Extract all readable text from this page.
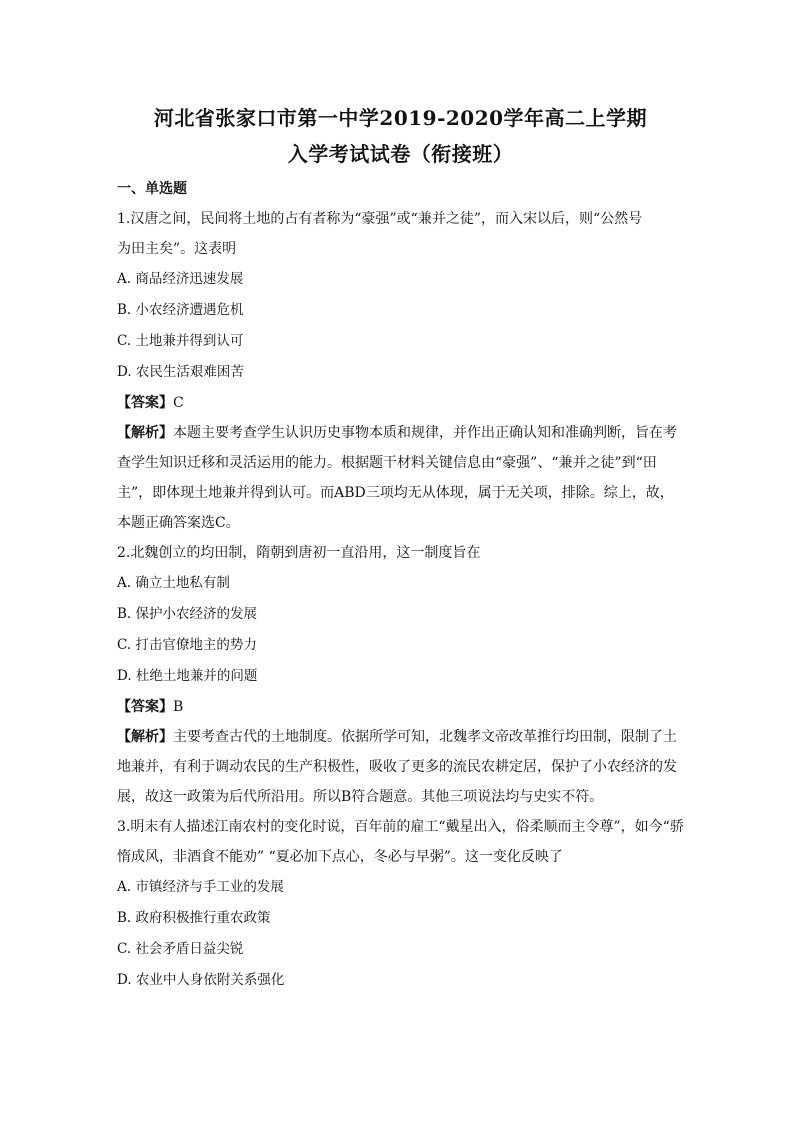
河北省张家口市第一中学2019-2020学年高二上学期
入学考试试卷（衔接班）
一、单选题

1.汉唐之间，民间将土地的占有者称为“豪强”或“兼并之徒”，而入宋以后，则“公然号

为田主矣”。这表明

A. 商品经济迅速发展

B. 小农经济遭遇危机

C. 土地兼并得到认可

D. 农民生活艰难困苦

【答案】C

【解析】本题主要考查学生认识历史事物本质和规律，并作出正确认知和准确判断，旨在考

查学生知识迁移和灵活运用的能力。根据题干材料关键信息由“豪强”、“兼并之徒”到“田

主”，即体现土地兼并得到认可。而ABD三项均无从体现，属于无关项，排除。综上，故，

本题正确答案选C。

2.北魏创立的均田制，隋朝到唐初一直沿用，这一制度旨在

A. 确立土地私有制

B. 保护小农经济的发展

C. 打击官僚地主的势力

D. 杜绝土地兼并的问题

【答案】B

【解析】主要考查古代的土地制度。依据所学可知，北魏孝文帝改革推行均田制，限制了土

地兼并，有利于调动农民的生产积极性，吸收了更多的流民农耕定居，保护了小农经济的发

展，故这一政策为后代所沿用。所以B符合题意。其他三项说法均与史实不符。

3.明末有人描述江南农村的变化时说，百年前的雇工“戴星出入，俗柔顺而主令尊”，如今“骄

惰成风，非酒食不能劝” “夏必加下点心，冬必与早粥”。这一变化反映了

A. 市镇经济与手工业的发展

B. 政府积极推行重农政策

C. 社会矛盾日益尖锐

D. 农业中人身依附关系强化
